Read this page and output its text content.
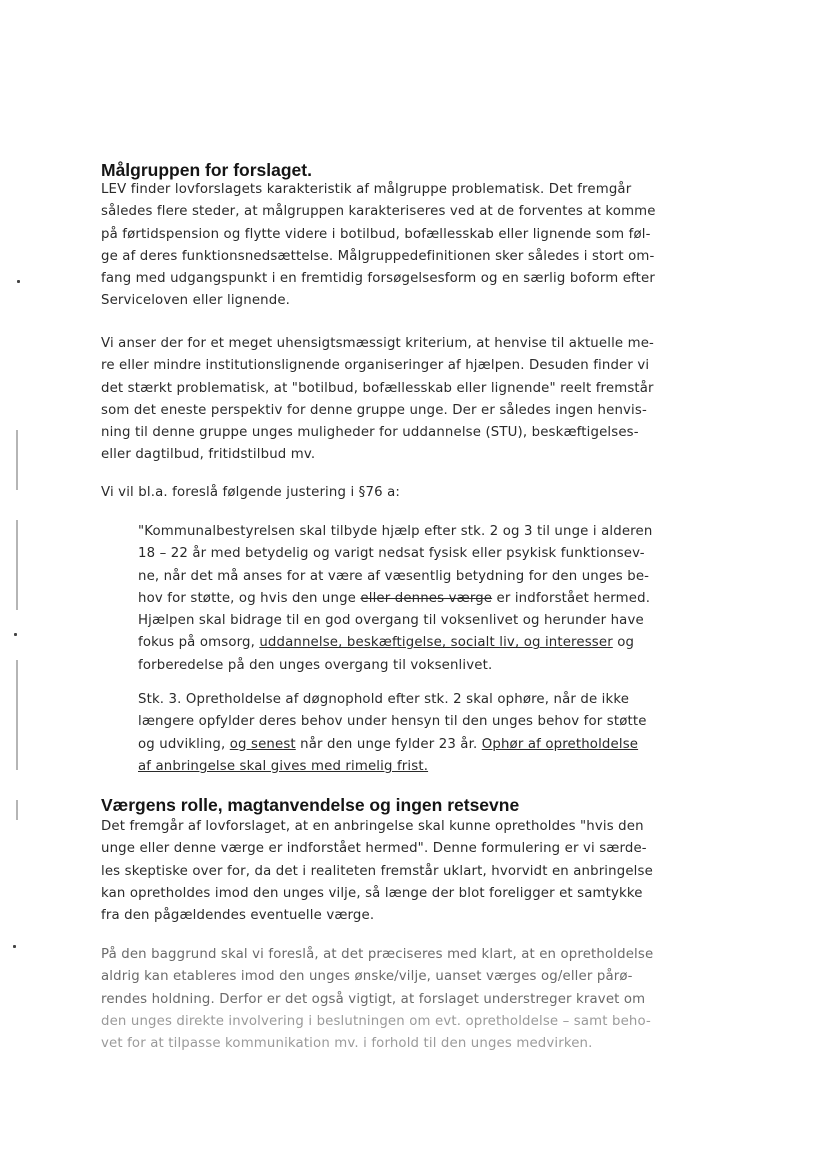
Målgruppen for forslaget.
LEV finder lovforslagets karakteristik af målgruppe problematisk. Det fremgår
således flere steder, at målgruppen karakteriseres ved at de forventes at komme
på førtidspension og flytte videre i botilbud, bofællesskab eller lignende som føl-
ge af deres funktionsnedsættelse. Målgruppedefinitionen sker således i stort om-
fang med udgangspunkt i en fremtidig forsøgelsesform og en særlig boform efter
Serviceloven eller lignende.
Vi anser der for et meget uhensigtsmæssigt kriterium, at henvise til aktuelle me-
re eller mindre institutionslignende organiseringer af hjælpen. Desuden finder vi
det stærkt problematisk, at "botilbud, bofællesskab eller lignende" reelt fremstår
som det eneste perspektiv for denne gruppe unge. Der er således ingen henvis-
ning til denne gruppe unges muligheder for uddannelse (STU), beskæftigelses-
eller dagtilbud, fritidstilbud mv.
Vi vil bl.a. foreslå følgende justering i §76 a:
"Kommunalbestyrelsen skal tilbyde hjælp efter stk. 2 og 3 til unge i alderen
18 – 22 år med betydelig og varigt nedsat fysisk eller psykisk funktionsev-
ne, når det må anses for at være af væsentlig betydning for den unges be-
hov for støtte, og hvis den unge eller dennes værge er indforstået hermed.
Hjælpen skal bidrage til en god overgang til voksenlivet og herunder have
fokus på omsorg, uddannelse, beskæftigelse, socialt liv, og interesser og
forberedelse på den unges overgang til voksenlivet.
Stk. 3. Opretholdelse af døgnophold efter stk. 2 skal ophøre, når de ikke
længere opfylder deres behov under hensyn til den unges behov for støtte
og udvikling, og senest når den unge fylder 23 år. Ophør af opretholdelse
af anbringelse skal gives med rimelig frist.
Værgens rolle, magtanvendelse og ingen retsevne
Det fremgår af lovforslaget, at en anbringelse skal kunne opretholdes "hvis den
unge eller denne værge er indforstået hermed". Denne formulering er vi særde-
les skeptiske over for, da det i realiteten fremstår uklart, hvorvidt en anbringelse
kan opretholdes imod den unges vilje, så længe der blot foreligger et samtykke
fra den pågældendes eventuelle værge.
På den baggrund skal vi foreslå, at det præciseres med klart, at en opretholdelse
aldrig kan etableres imod den unges ønske/vilje, uanset værges og/eller pårø-
rendes holdning. Derfor er det også vigtigt, at forslaget understreger kravet om
den unges direkte involvering i beslutningen om evt. opretholdelse – samt beho-
vet for at tilpasse kommunikation mv. i forhold til den unges medvirken.
